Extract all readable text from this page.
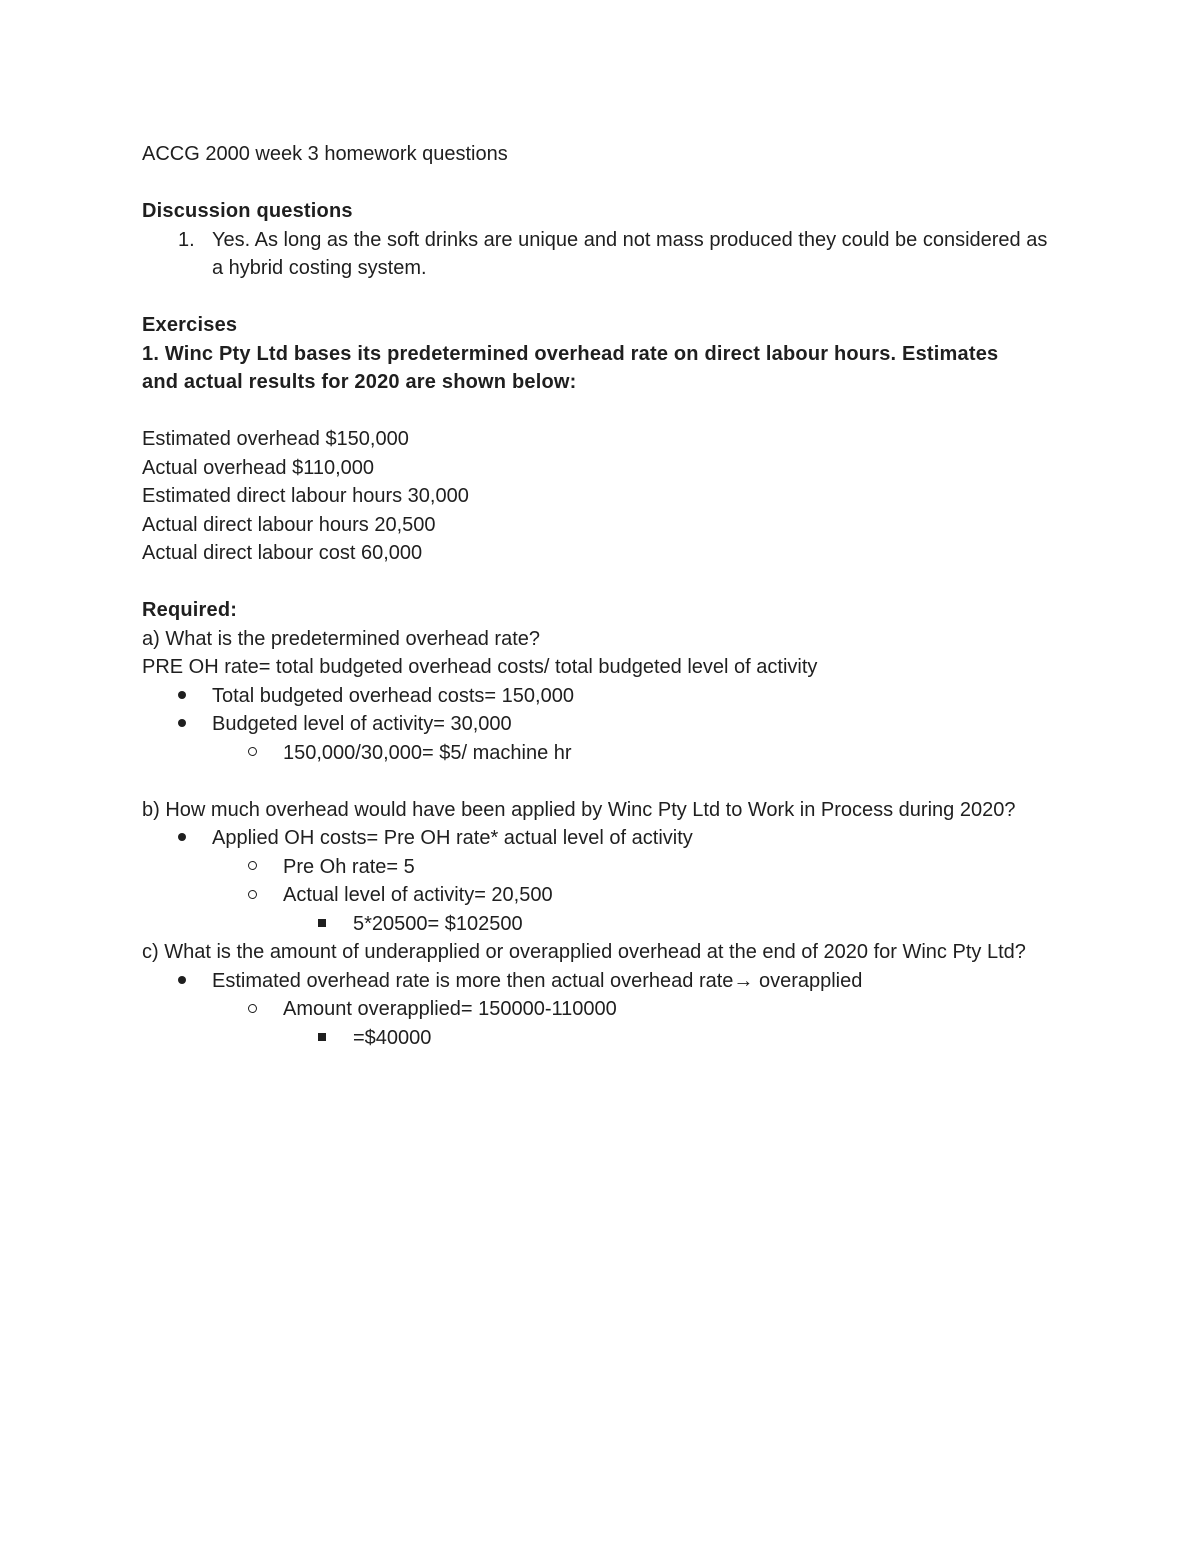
ACCG 2000 week 3 homework questions
Discussion questions
1. Yes. As long as the soft drinks are unique and not mass produced they could be considered as a hybrid costing system.
Exercises
1. Winc Pty Ltd bases its predetermined overhead rate on direct labour hours. Estimates
and actual results for 2020 are shown below:
Estimated overhead $150,000
Actual overhead $110,000
Estimated direct labour hours 30,000
Actual direct labour hours 20,500
Actual direct labour cost 60,000
Required:
a) What is the predetermined overhead rate?
PRE OH rate= total budgeted overhead costs/ total budgeted level of activity
Total budgeted overhead costs= 150,000
Budgeted level of activity= 30,000
150,000/30,000= $5/ machine hr
b) How much overhead would have been applied by Winc Pty Ltd to Work in Process during 2020?
Applied OH costs= Pre OH rate* actual level of activity
Pre Oh rate= 5
Actual level of activity= 20,500
5*20500= $102500
c) What is the amount of underapplied or overapplied overhead at the end of 2020 for Winc Pty Ltd?
Estimated overhead rate is more then actual overhead rate→ overapplied
Amount overapplied= 150000-110000
=$40000
